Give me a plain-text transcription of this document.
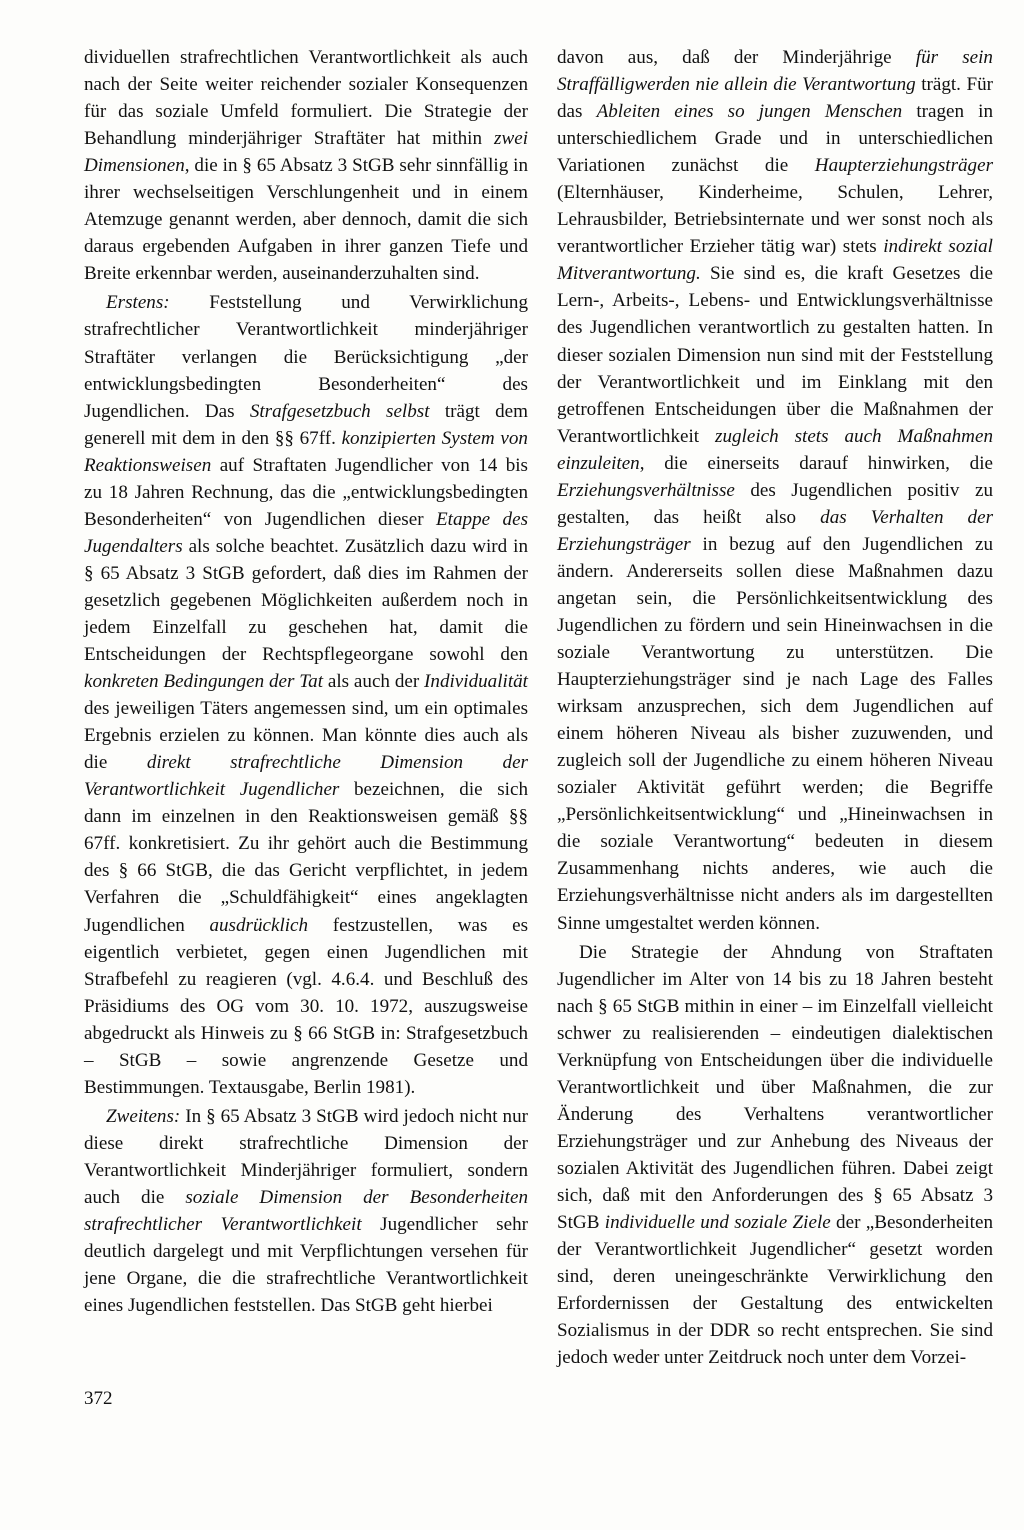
dividuellen strafrechtlichen Verantwortlichkeit als auch nach der Seite weiter reichender sozialer Konsequenzen für das soziale Umfeld formuliert. Die Strategie der Behandlung minderjähriger Straftäter hat mithin zwei Dimensionen, die in § 65 Absatz 3 StGB sehr sinnfällig in ihrer wechselseitigen Verschlungenheit und in einem Atemzuge genannt werden, aber dennoch, damit die sich daraus ergebenden Aufgaben in ihrer ganzen Tiefe und Breite erkennbar werden, auseinanderzuhalten sind.

Erstens: Feststellung und Verwirklichung strafrechtlicher Verantwortlichkeit minderjähriger Straftäter verlangen die Berücksichtigung „der entwicklungsbedingten Besonderheiten“ des Jugendlichen. Das Strafgesetzbuch selbst trägt dem generell mit dem in den §§ 67ff. konzipierten System von Reaktionsweisen auf Straftaten Jugendlicher von 14 bis zu 18 Jahren Rechnung, das die „entwicklungsbedingten Besonderheiten“ von Jugendlichen dieser Etappe des Jugendalters als solche beachtet. Zusätzlich dazu wird in § 65 Absatz 3 StGB gefordert, daß dies im Rahmen der gesetzlich gegebenen Möglichkeiten außerdem noch in jedem Einzelfall zu geschehen hat, damit die Entscheidungen der Rechtspflegeorgane sowohl den konkreten Bedingungen der Tat als auch der Individualität des jeweiligen Täters angemessen sind, um ein optimales Ergebnis erzielen zu können. Man könnte dies auch als die direkt strafrechtliche Dimension der Verantwortlichkeit Jugendlicher bezeichnen, die sich dann im einzelnen in den Reaktionsweisen gemäß §§ 67ff. konkretisiert. Zu ihr gehört auch die Bestimmung des § 66 StGB, die das Gericht verpflichtet, in jedem Verfahren die „Schuldfähigkeit“ eines angeklagten Jugendlichen ausdrücklich festzustellen, was es eigentlich verbietet, gegen einen Jugendlichen mit Strafbefehl zu reagieren (vgl. 4.6.4. und Beschluß des Präsidiums des OG vom 30. 10. 1972, auszugsweise abgedruckt als Hinweis zu § 66 StGB in: Strafgesetzbuch – StGB – sowie angrenzende Gesetze und Bestimmungen. Textausgabe, Berlin 1981).

Zweitens: In § 65 Absatz 3 StGB wird jedoch nicht nur diese direkt strafrechtliche Dimension der Verantwortlichkeit Minderjähriger formuliert, sondern auch die soziale Dimension der Besonderheiten strafrechtlicher Verantwortlichkeit Jugendlicher sehr deutlich dargelegt und mit Verpflichtungen versehen für jene Organe, die die strafrechtliche Verantwortlichkeit eines Jugendlichen feststellen. Das StGB geht hierbei

davon aus, daß der Minderjährige für sein Straffälligwerden nie allein die Verantwortung trägt. Für das Ableiten eines so jungen Menschen tragen in unterschiedlichem Grade und in unterschiedlichen Variationen zunächst die Haupterziehungsträger (Elternhäuser, Kinderheime, Schulen, Lehrer, Lehrausbilder, Betriebsinternate und wer sonst noch als verantwortlicher Erzieher tätig war) stets indirekt sozial Mitverantwortung. Sie sind es, die kraft Gesetzes die Lern-, Arbeits-, Lebens- und Entwicklungsverhältnisse des Jugendlichen verantwortlich zu gestalten hatten. In dieser sozialen Dimension nun sind mit der Feststellung der Verantwortlichkeit und im Einklang mit den getroffenen Entscheidungen über die Maßnahmen der Verantwortlichkeit zugleich stets auch Maßnahmen einzuleiten, die einerseits darauf hinwirken, die Erziehungsverhältnisse des Jugendlichen positiv zu gestalten, das heißt also das Verhalten der Erziehungsträger in bezug auf den Jugendlichen zu ändern. Andererseits sollen diese Maßnahmen dazu angetan sein, die Persönlichkeitsentwicklung des Jugendlichen zu fördern und sein Hineinwachsen in die soziale Verantwortung zu unterstützen. Die Haupterziehungsträger sind je nach Lage des Falles wirksam anzusprechen, sich dem Jugendlichen auf einem höheren Niveau als bisher zuzuwenden, und zugleich soll der Jugendliche zu einem höheren Niveau sozialer Aktivität geführt werden; die Begriffe „Persönlichkeitsentwicklung“ und „Hineinwachsen in die soziale Verantwortung“ bedeuten in diesem Zusammenhang nichts anderes, wie auch die Erziehungsverhältnisse nicht anders als im dargestellten Sinne umgestaltet werden können.

Die Strategie der Ahndung von Straftaten Jugendlicher im Alter von 14 bis zu 18 Jahren besteht nach § 65 StGB mithin in einer – im Einzelfall vielleicht schwer zu realisierenden – eindeutigen dialektischen Verknüpfung von Entscheidungen über die individuelle Verantwortlichkeit und über Maßnahmen, die zur Änderung des Verhaltens verantwortlicher Erziehungsträger und zur Anhebung des Niveaus der sozialen Aktivität des Jugendlichen führen. Dabei zeigt sich, daß mit den Anforderungen des § 65 Absatz 3 StGB individuelle und soziale Ziele der „Besonderheiten der Verantwortlichkeit Jugendlicher“ gesetzt worden sind, deren uneingeschränkte Verwirklichung den Erfordernissen der Gestaltung des entwickelten Sozialismus in der DDR so recht entsprechen. Sie sind jedoch weder unter Zeitdruck noch unter dem Vorzei-

372
